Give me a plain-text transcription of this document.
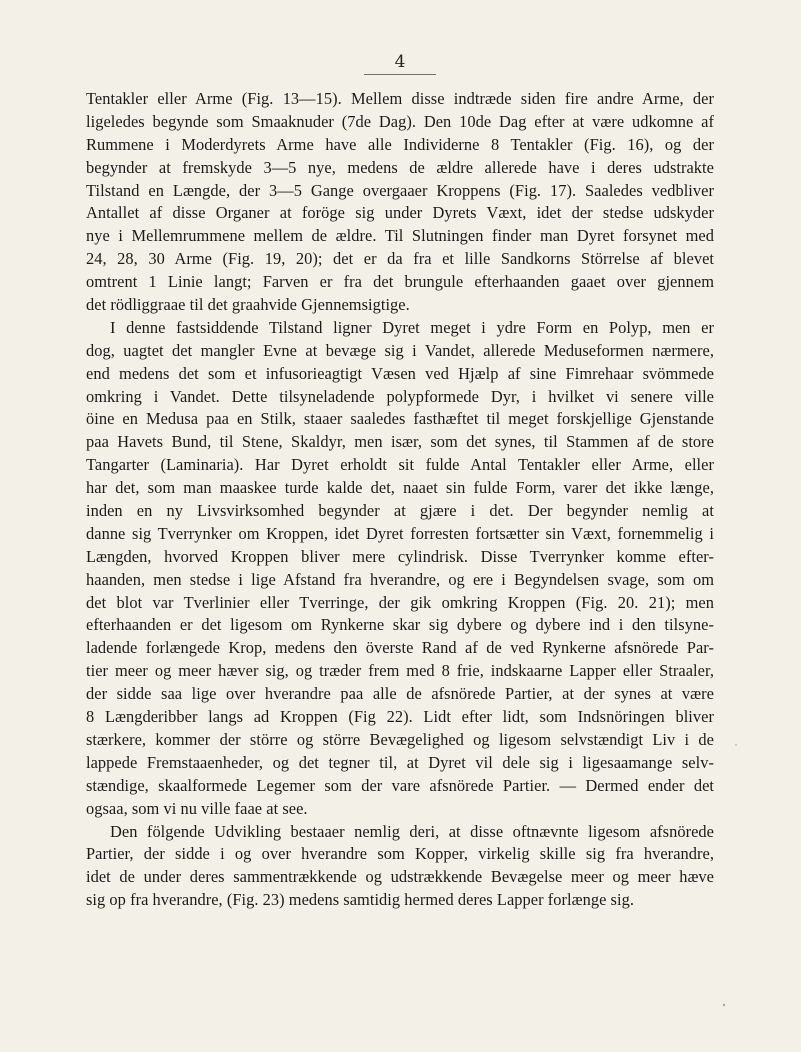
4
Tentakler eller Arme (Fig. 13—15). Mellem disse indtræde siden fire andre Arme, der
ligeledes begynde som Smaaknuder (7de Dag). Den 10de Dag efter at være udkomne af
Rummene i Moderdyrets Arme have alle Individerne 8 Tentakler (Fig. 16), og der
begynder at fremskyde 3—5 nye, medens de ældre allerede have i deres udstrakte
Tilstand en Længde, der 3—5 Gange overgaaer Kroppens (Fig. 17). Saaledes vedbliver
Antallet af disse Organer at foröge sig under Dyrets Væxt, idet der stedse udskyder
nye i Mellemrummene mellem de ældre. Til Slutningen finder man Dyret forsynet med
24, 28, 30 Arme (Fig. 19, 20); det er da fra et lille Sandkorns Störrelse af blevet
omtrent 1 Linie langt; Farven er fra det brungule efterhaanden gaaet over gjennem
det rödliggraae til det graahvide Gjennemsigtige.
I denne fastsiddende Tilstand ligner Dyret meget i ydre Form en Polyp, men er
dog, uagtet det mangler Evne at bevæge sig i Vandet, allerede Meduseformen nærmere,
end medens det som et infusorieagtigt Væsen ved Hjælp af sine Fimrehaar svömmede
omkring i Vandet. Dette tilsyneladende polypformede Dyr, i hvilket vi senere ville
öine en Medusa paa en Stilk, staaer saaledes fasthæftet til meget forskjellige Gjenstande
paa Havets Bund, til Stene, Skaldyr, men især, som det synes, til Stammen af de store
Tangarter (Laminaria). Har Dyret erholdt sit fulde Antal Tentakler eller Arme, eller
har det, som man maaskee turde kalde det, naaet sin fulde Form, varer det ikke længe,
inden en ny Livsvirksomhed begynder at gjære i det. Der begynder nemlig at
danne sig Tverrynker om Kroppen, idet Dyret forresten fortsætter sin Væxt, fornemmelig i
Længden, hvorved Kroppen bliver mere cylindrisk. Disse Tverrynker komme efter-
haanden, men stedse i lige Afstand fra hverandre, og ere i Begyndelsen svage, som om
det blot var Tverlinier eller Tverringe, der gik omkring Kroppen (Fig. 20. 21); men
efterhaanden er det ligesom om Rynkerne skar sig dybere og dybere ind i den tilsyne-
ladende forlængede Krop, medens den överste Rand af de ved Rynkerne afsnörede Par-
tier meer og meer hæver sig, og træder frem med 8 frie, indskaarne Lapper eller Straaler,
der sidde saa lige over hverandre paa alle de afsnörede Partier, at der synes at være
8 Længderibber langs ad Kroppen (Fig 22). Lidt efter lidt, som Indsnöringen bliver
stærkere, kommer der större og större Bevægelighed og ligesom selvstændigt Liv i de
lappede Fremstaaenheder, og det tegner til, at Dyret vil dele sig i ligesaamange selv-
stændige, skaalformede Legemer som der vare afsnörede Partier. — Dermed ender det
ogsaa, som vi nu ville faae at see.
Den fölgende Udvikling bestaaer nemlig deri, at disse oftnævnte ligesom afsnörede
Partier, der sidde i og over hverandre som Kopper, virkelig skille sig fra hverandre,
idet de under deres sammentrækkende og udstrækkende Bevægelse meer og meer hæve
sig op fra hverandre, (Fig. 23) medens samtidig hermed deres Lapper forlænge sig.
